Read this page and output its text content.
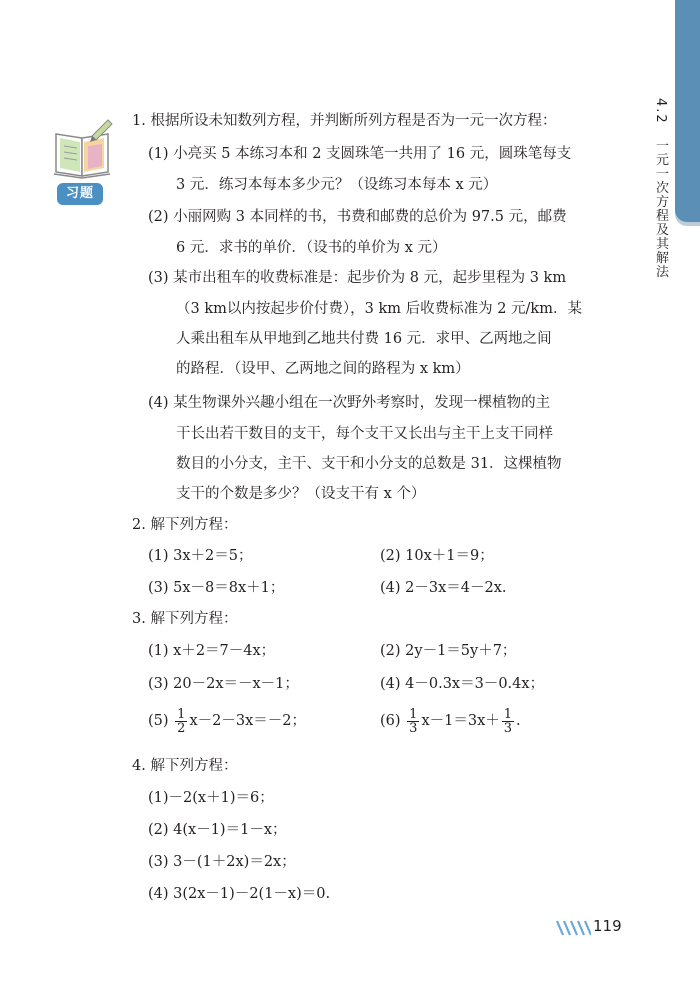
4.2一元一次方程及其解法
习题
1. 根据所设未知数列方程，并判断所列方程是否为一元一次方程：
(1) 小亮买 5 本练习本和 2 支圆珠笔一共用了 16 元，圆珠笔每支
3 元．练习本每本多少元？（设练习本每本 x 元）
(2) 小丽网购 3 本同样的书，书费和邮费的总价为 97.5 元，邮费
6 元．求书的单价．（设书的单价为 x 元）
(3) 某市出租车的收费标准是：起步价为 8 元，起步里程为 3 km
（3 km以内按起步价付费），3 km 后收费标准为 2 元/km．某
人乘出租车从甲地到乙地共付费 16 元．求甲、乙两地之间
的路程．（设甲、乙两地之间的路程为 x km）
(4) 某生物课外兴趣小组在一次野外考察时，发现一棵植物的主
干长出若干数目的支干，每个支干又长出与主干上支干同样
数目的小分支，主干、支干和小分支的总数是 31．这棵植物
支干的个数是多少？（设支干有 x 个）
2. 解下列方程：
(1) 3x＋2＝5；	(2) 10x＋1＝9；
(3) 5x－8＝8x＋1；	(4) 2－3x＝4－2x.
3. 解下列方程：
(1) x＋2＝7－4x；	(2) 2y－1＝5y＋7；
(3) 20－2x＝－x－1；	(4) 4－0.3x＝3－0.4x；
$(5) \frac{1}{2} x-2-3x=-2$；	$(6) \frac{1}{3} x-1=3x+ \frac{1}{3}$ .
4. 解下列方程：
(1)－2(x＋1)＝6；
(2) 4(x－1)＝1－x；
(3) 3－(1＋2x)＝2x；
(4) 3(2x－1)－2(1－x)＝0.
119
